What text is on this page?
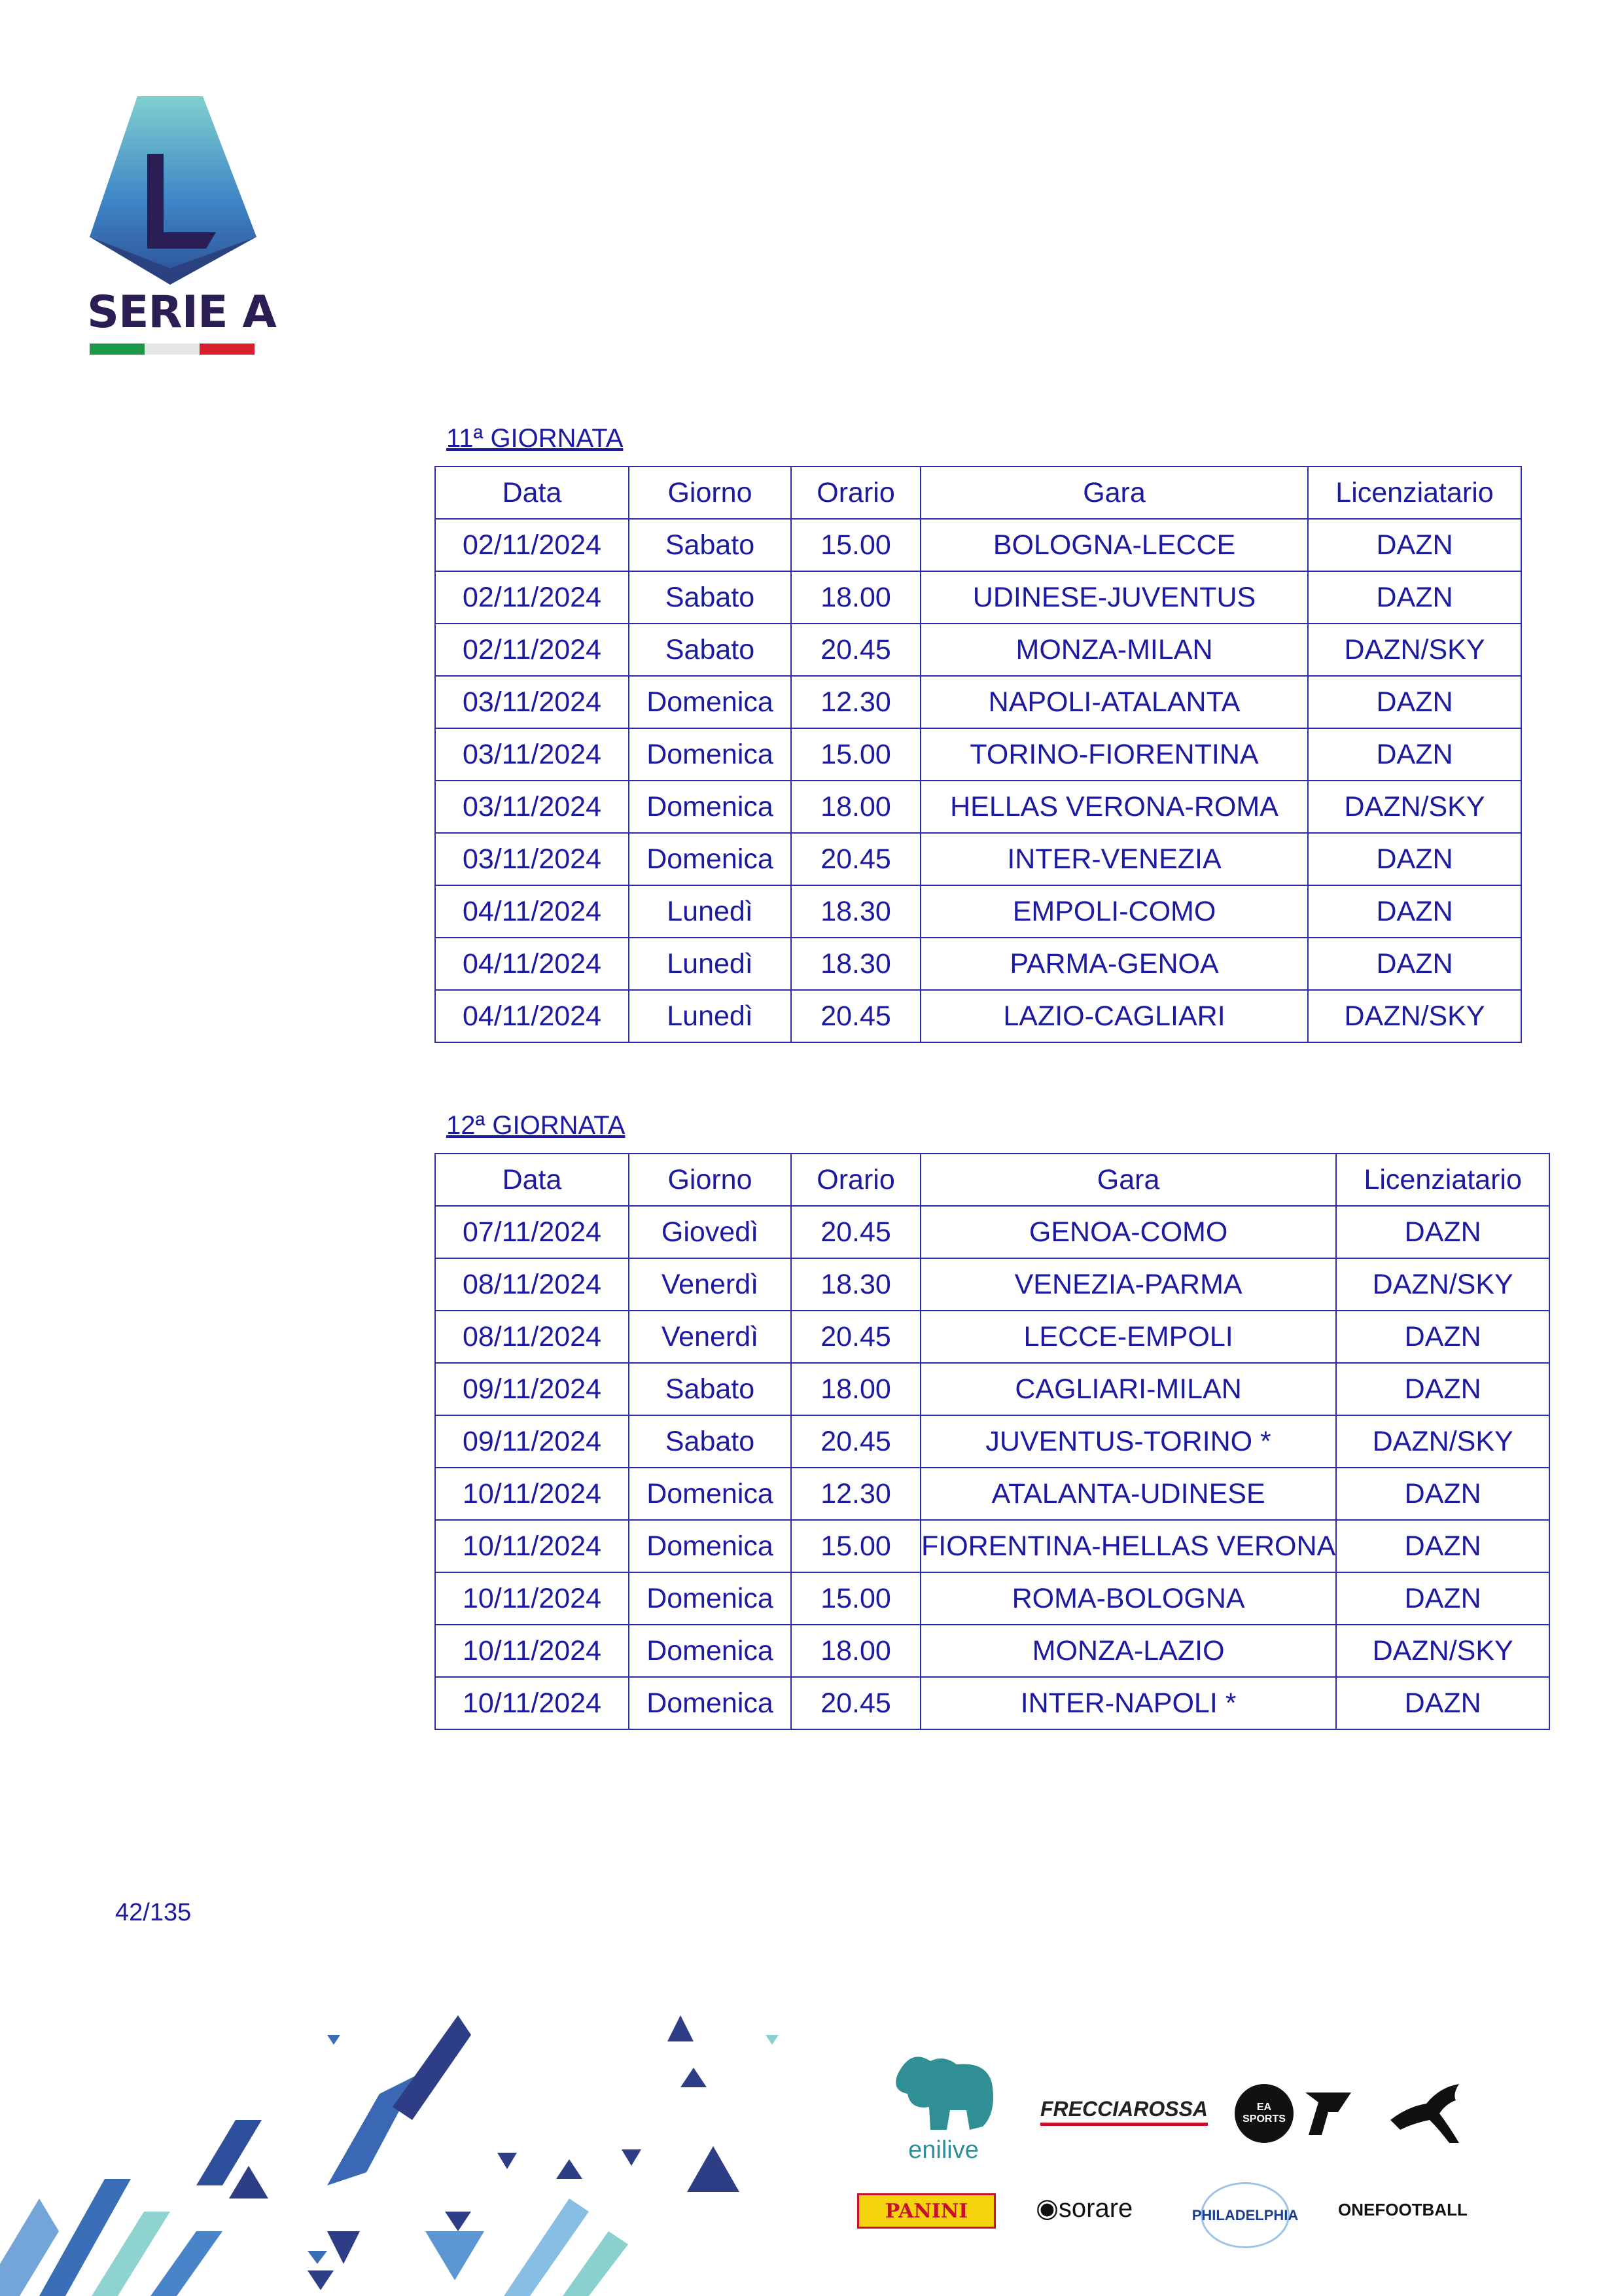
SERIE A
11ª GIORNATA
Data	Giorno	Orario	Gara	Licenziatario
02/11/2024	Sabato	15.00	BOLOGNA-LECCE	DAZN
02/11/2024	Sabato	18.00	UDINESE-JUVENTUS	DAZN
02/11/2024	Sabato	20.45	MONZA-MILAN	DAZN/SKY
03/11/2024	Domenica	12.30	NAPOLI-ATALANTA	DAZN
03/11/2024	Domenica	15.00	TORINO-FIORENTINA	DAZN
03/11/2024	Domenica	18.00	HELLAS VERONA-ROMA	DAZN/SKY
03/11/2024	Domenica	20.45	INTER-VENEZIA	DAZN
04/11/2024	Lunedì	18.30	EMPOLI-COMO	DAZN
04/11/2024	Lunedì	18.30	PARMA-GENOA	DAZN
04/11/2024	Lunedì	20.45	LAZIO-CAGLIARI	DAZN/SKY
12ª GIORNATA
Data	Giorno	Orario	Gara	Licenziatario
07/11/2024	Giovedì	20.45	GENOA-COMO	DAZN
08/11/2024	Venerdì	18.30	VENEZIA-PARMA	DAZN/SKY
08/11/2024	Venerdì	20.45	LECCE-EMPOLI	DAZN
09/11/2024	Sabato	18.00	CAGLIARI-MILAN	DAZN
09/11/2024	Sabato	20.45	JUVENTUS-TORINO *	DAZN/SKY
10/11/2024	Domenica	12.30	ATALANTA-UDINESE	DAZN
10/11/2024	Domenica	15.00	FIORENTINA-HELLAS VERONA	DAZN
10/11/2024	Domenica	15.00	ROMA-BOLOGNA	DAZN
10/11/2024	Domenica	18.00	MONZA-LAZIO	DAZN/SKY
10/11/2024	Domenica	20.45	INTER-NAPOLI *	DAZN
42/135
enilive
FRECCIAROSSA	EA SPORTS
PANINI	◉sorare	PHILADELPHIA ONEFOOTBALL
